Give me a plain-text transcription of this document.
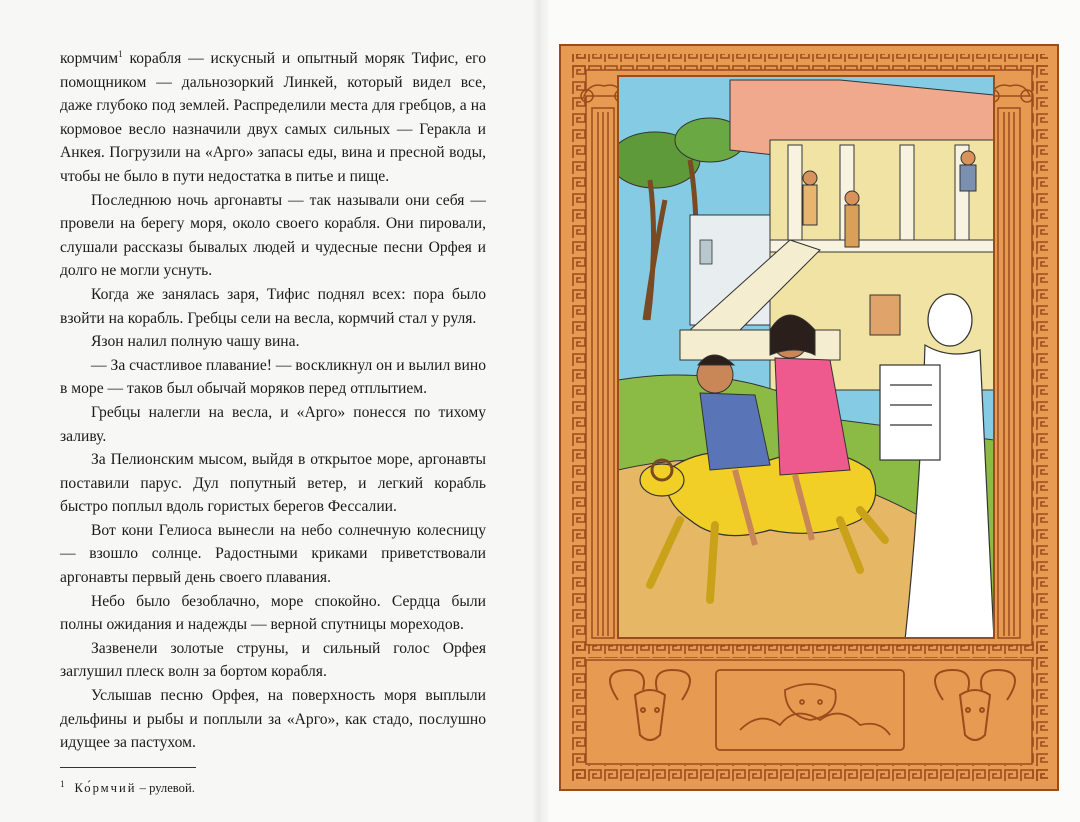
кормчим$^1$ корабля — искусный и опытный моряк Тифис, его помощником — дальнозоркий Линкей, который видел все, даже глубоко под землей. Распределили места для гребцов, а на кормовое весло назначили двух самых сильных — Геракла и Анкея. Погрузили на «Арго» запасы еды, вина и пресной воды, чтобы не было в пути недостатка в питье и пище.

Последнюю ночь аргонавты — так называли они себя — провели на берегу моря, около своего корабля. Они пировали, слушали рассказы бывалых людей и чудесные песни Орфея и долго не могли уснуть.

Когда же занялась заря, Тифис поднял всех: пора было взойти на корабль. Гребцы сели на весла, кормчий стал у руля.

Язон налил полную чашу вина.

— За счастливое плавание! — воскликнул он и вылил вино в море — таков был обычай моряков перед отплытием.

Гребцы налегли на весла, и «Арго» понесся по тихому заливу.

За Пелионским мысом, выйдя в открытое море, аргонавты поставили парус. Дул попутный ветер, и легкий корабль быстро поплыл вдоль гористых берегов Фессалии.

Вот кони Гелиоса вынесли на небо солнечную колесницу — взошло солнце. Радостными криками приветствовали аргонавты первый день своего плавания.

Небо было безоблачно, море спокойно. Сердца были полны ожидания и надежды — верной спутницы мореходов.

Зазвенели золотые струны, и сильный голос Орфея заглушил плеск волн за бортом корабля.

Услышав песню Орфея, на поверхность моря выплыли дельфины и рыбы и поплыли за «Арго», как стадо, послушно идущее за пастухом.

$^1$ Ко́рмчий – рулевой.
